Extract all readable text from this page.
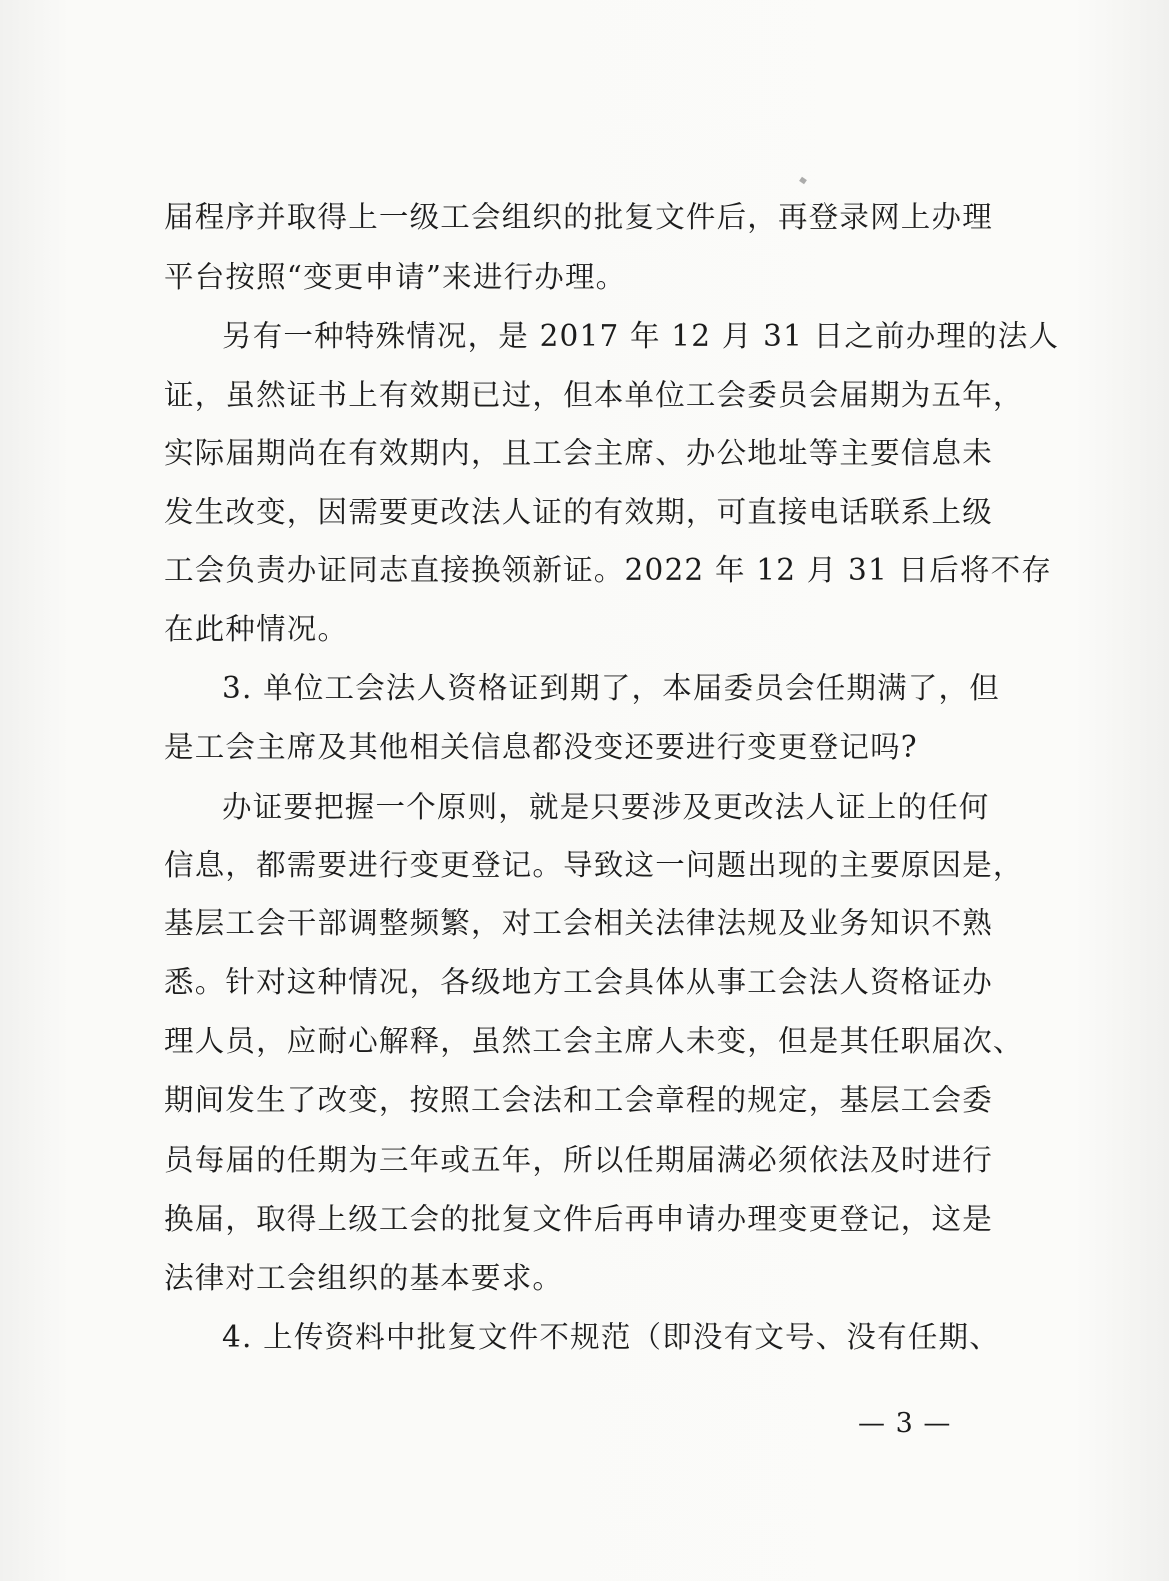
届程序并取得上一级工会组织的批复文件后，再登录网上办理
平台按照“变更申请”来进行办理。
另有一种特殊情况，是 2017 年 12 月 31 日之前办理的法人
证，虽然证书上有效期已过，但本单位工会委员会届期为五年，
实际届期尚在有效期内，且工会主席、办公地址等主要信息未
发生改变，因需要更改法人证的有效期，可直接电话联系上级
工会负责办证同志直接换领新证。2022 年 12 月 31 日后将不存
在此种情况。
3. 单位工会法人资格证到期了，本届委员会任期满了，但
是工会主席及其他相关信息都没变还要进行变更登记吗?
办证要把握一个原则，就是只要涉及更改法人证上的任何
信息，都需要进行变更登记。导致这一问题出现的主要原因是，
基层工会干部调整频繁，对工会相关法律法规及业务知识不熟
悉。针对这种情况，各级地方工会具体从事工会法人资格证办
理人员，应耐心解释，虽然工会主席人未变，但是其任职届次、
期间发生了改变，按照工会法和工会章程的规定，基层工会委
员每届的任期为三年或五年，所以任期届满必须依法及时进行
换届，取得上级工会的批复文件后再申请办理变更登记，这是
法律对工会组织的基本要求。
4. 上传资料中批复文件不规范（即没有文号、没有任期、
— 3 —
